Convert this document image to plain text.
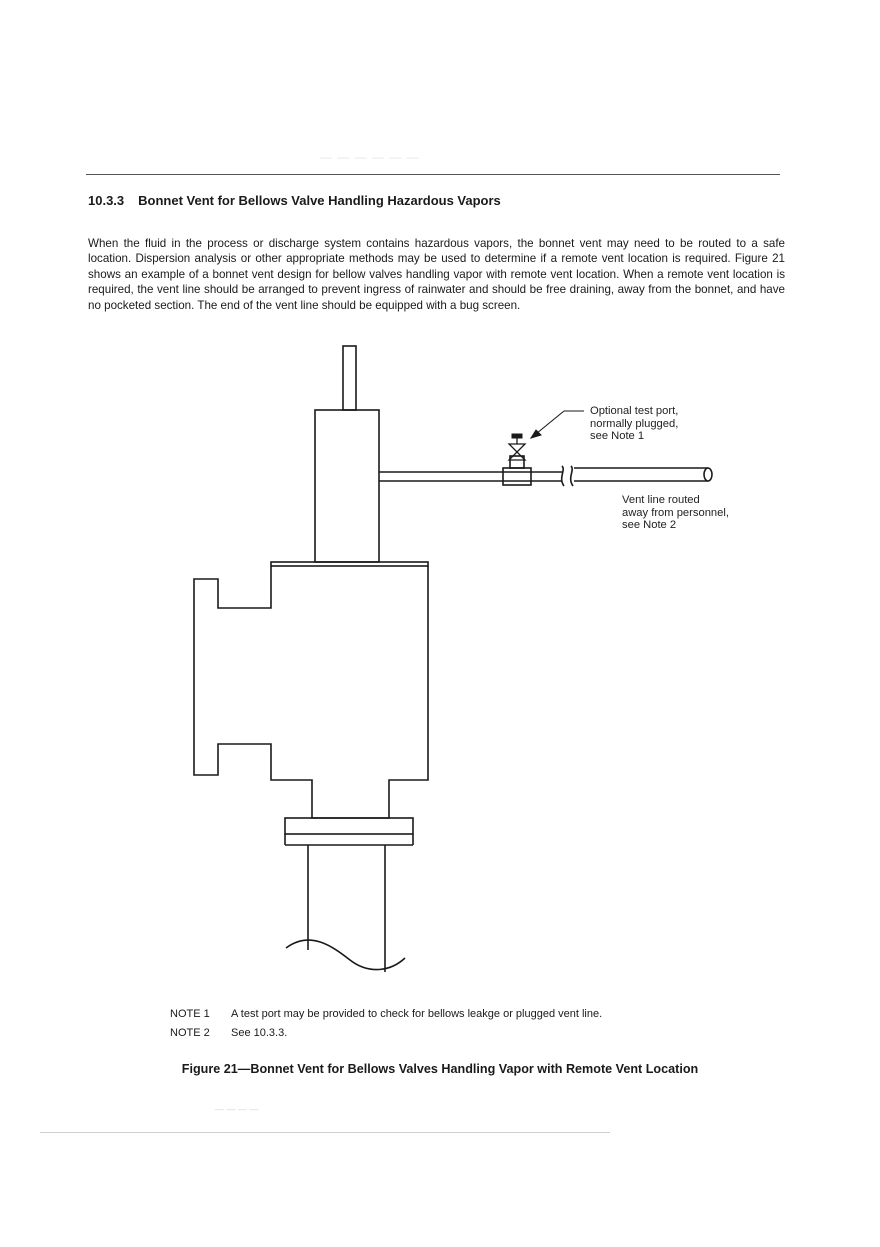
— — — — — —
10.3.3 Bonnet Vent for Bellows Valve Handling Hazardous Vapors

When the fluid in the process or discharge system contains hazardous vapors, the bonnet vent may need to be routed to a safe location. Dispersion analysis or other appropriate methods may be used to determine if a remote vent location is required. Figure 21 shows an example of a bonnet vent design for bellow valves handling vapor with remote vent location. When a remote vent location is required, the vent line should be arranged to prevent ingress of rainwater and should be free draining, away from the bonnet, and have no pocketed section. The end of the vent line should be equipped with a bug screen.

Optional test port,
normally plugged,
see Note 1
Vent line routed
away from personnel,
see Note 2
NOTE 1	A test port may be provided to check for bellows leakge or plugged vent line.
NOTE 2	See 10.3.3.
Figure 21—Bonnet Vent for Bellows Valves Handling Vapor with Remote Vent Location
— — — —
